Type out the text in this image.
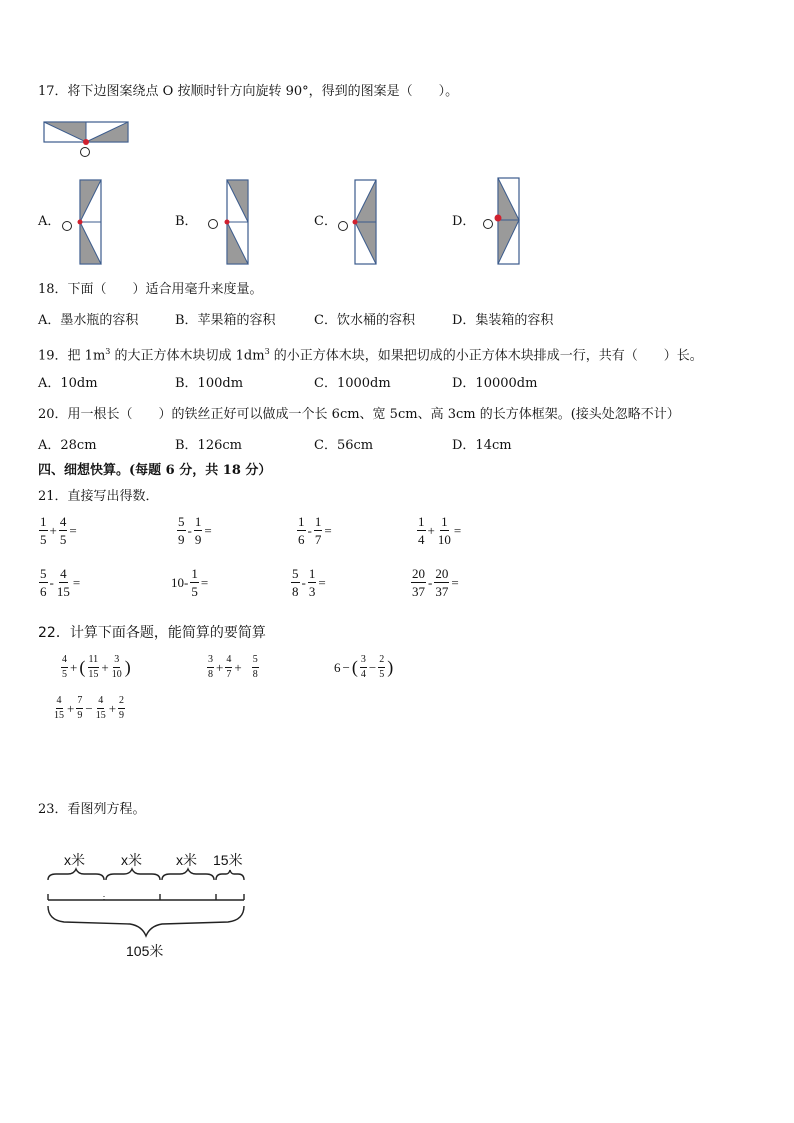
17．将下边图案绕点 O 按顺时针方向旋转 90°，得到的图案是（　　）。
A．	B．	C．	D．
18．下面（　　）适合用毫升来度量。
A．墨水瓶的容积	B．苹果箱的容积	C．饮水桶的容积	D．集装箱的容积
19．把 $1m^3$ 的大正方体木块切成 $1dm^3$ 的小正方体木块，如果把切成的小正方体木块排成一行，共有（　　）长。
A．10dm	B．100dm	C．1000dm	D．10000dm
20．用一根长（　　）的铁丝正好可以做成一个长 6cm、宽 5cm、高 3cm 的长方体框架。(接头处忽略不计）
A．28cm	B．126cm	C．56cm	D．14cm
四、细想快算。(每题 6 分，共 18 分）
21．直接写出得数．
$\frac{1}{5} + \frac{4}{5}$ =	$\frac{5}{9} - \frac{1}{9}$ =	$\frac{1}{6} - \frac{1}{7}$ =	$\frac{1}{4} + \frac{1}{10}$ =
$\frac{5}{6} - \frac{4}{15}$ =	$10- \frac{1}{5}$ =	$\frac{5}{8} - \frac{1}{3}$ =	$\frac{20}{37} - \frac{20}{37}$ =
22．计算下面各题，能简算的要简算
$\frac{4}{5}$ + ( $\frac{11}{15} + \frac{3}{10}$ )	$\frac{3}{8} + \frac{4}{7} + \frac{5}{8}$	6 − ( $\frac{3}{4} - \frac{2}{5}$ )
$\frac{4}{15} + \frac{7}{9} - \frac{4}{15} + \frac{2}{9}$
23．看图列方程。
x米	x米 x米 15米
105米
